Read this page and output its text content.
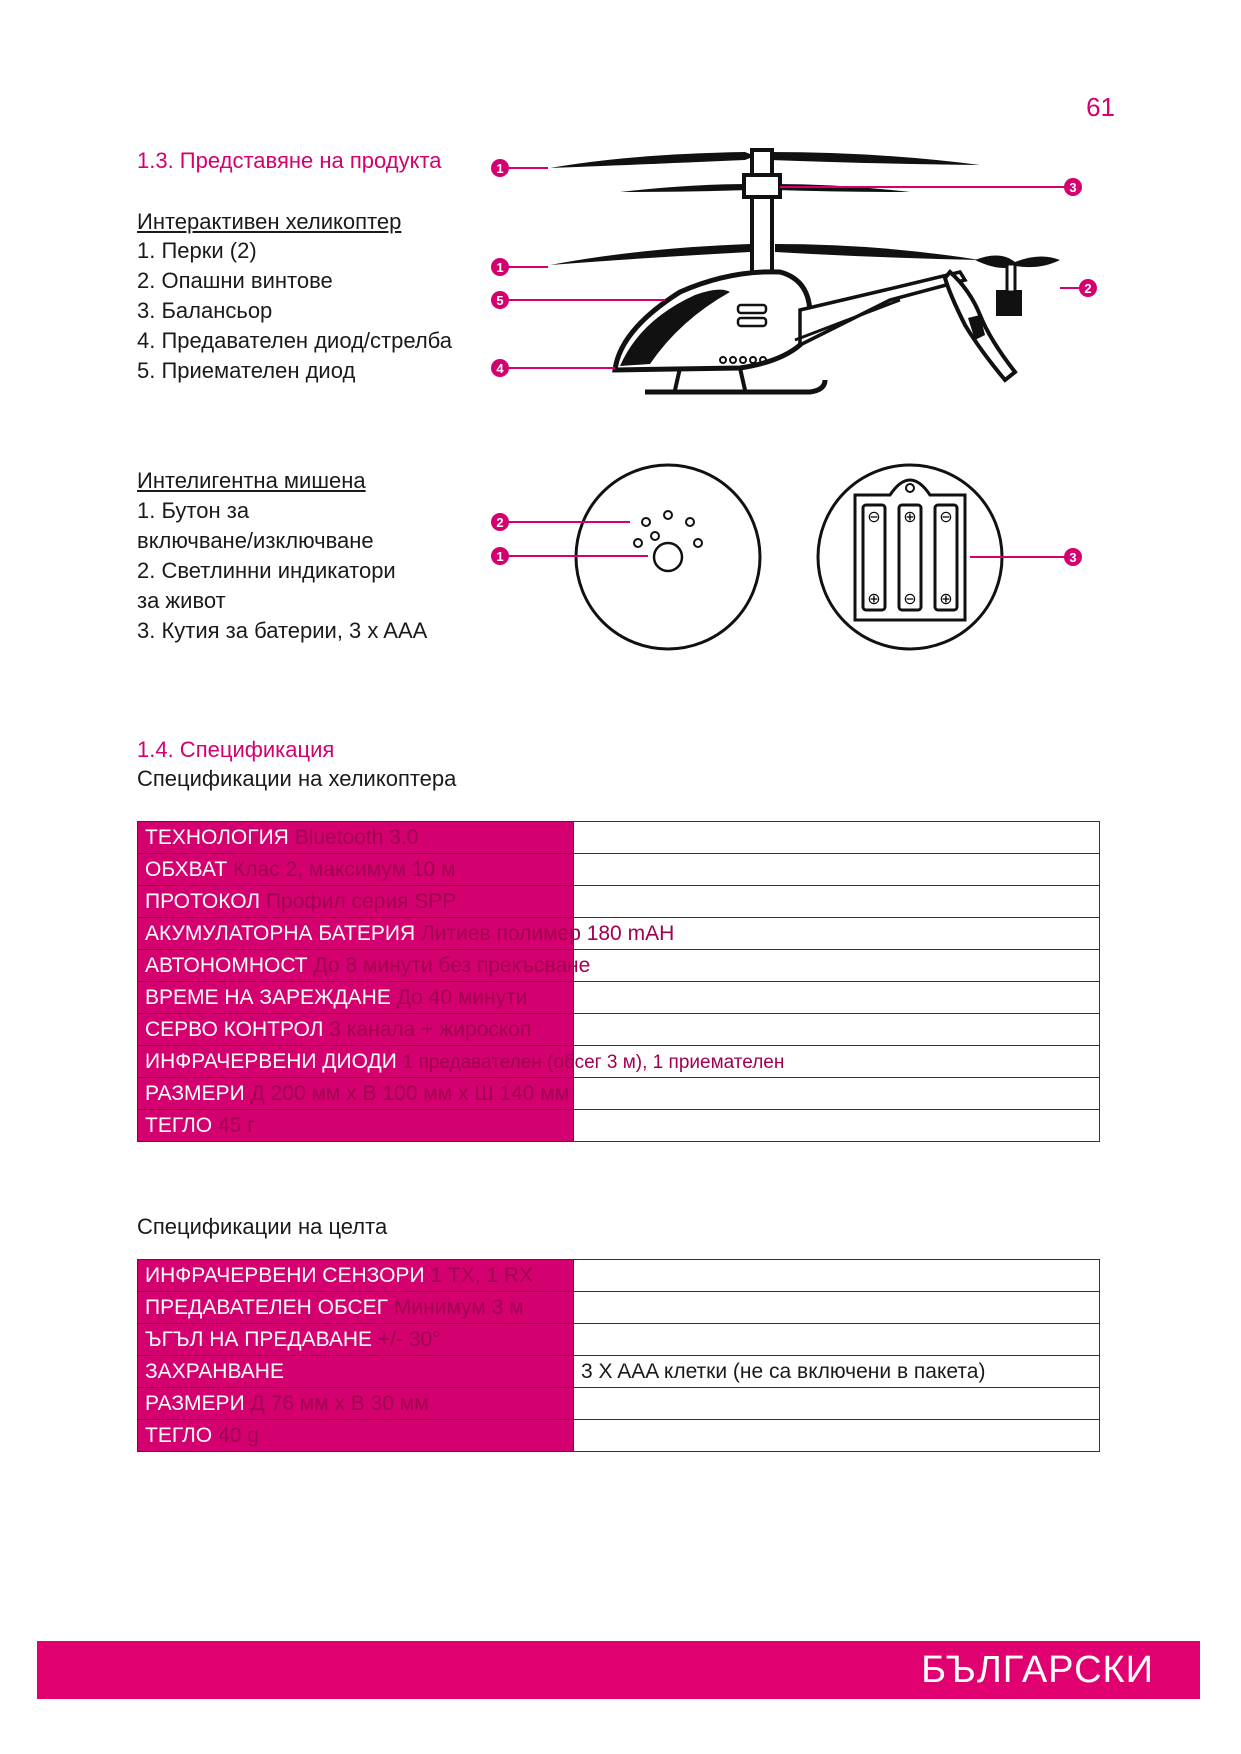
61
1.3. Представяне на продукта
Интерактивен хеликоптер
1. Перки (2)
2. Опашни винтове
3. Балансьор
4. Предавателен диод/стрелба
5. Приемателен диод
Интелигентна мишена
1. Бутон за
включване/изключване
2. Светлинни индикатори
за живот
3. Кутия за батерии, 3 x AAA
1
3
1
5
4
2
⊖ ⊕ ⊖
⊕ ⊖ ⊕
2
1	3
1.4. Спецификация
Спецификации на хеликоптера
ТЕХНОЛОГИЯ Bluetooth 3.0	
ОБХВАТ Клас 2, максимум 10 м	
ПРОТОКОЛ Профил серия SPP	
АКУМУЛАТОРНА БАТЕРИЯ Литиев полимер 180 mAH	
АВТОНОМНОСТ До 8 минути без прекъсване	
ВРЕМЕ НА ЗАРЕЖДАНЕ До 40 минути	
СЕРВО КОНТРОЛ 3 канала + жироскоп	
ИНФРАЧЕРВЕНИ ДИОДИ 1 предавателен (обсег 3 м), 1 приемателен	
РАЗМЕРИ Д 200 мм x В 100 мм x Ш 140 мм	
ТЕГЛО 45 г	
Спецификации на целта
ИНФРАЧЕРВЕНИ СЕНЗОРИ 1 TX, 1 RX	
ПРЕДАВАТЕЛЕН ОБСЕГ Минимум 3 м	
ЪГЪЛ НА ПРЕДАВАНЕ +/- 30°	
ЗАХРАНВАНЕ	3 X AAA клетки (не са включени в пакета)
РАЗМЕРИ Д 76 мм x В 30 мм	
ТЕГЛО 40 g	
БЪЛГАРСКИ
